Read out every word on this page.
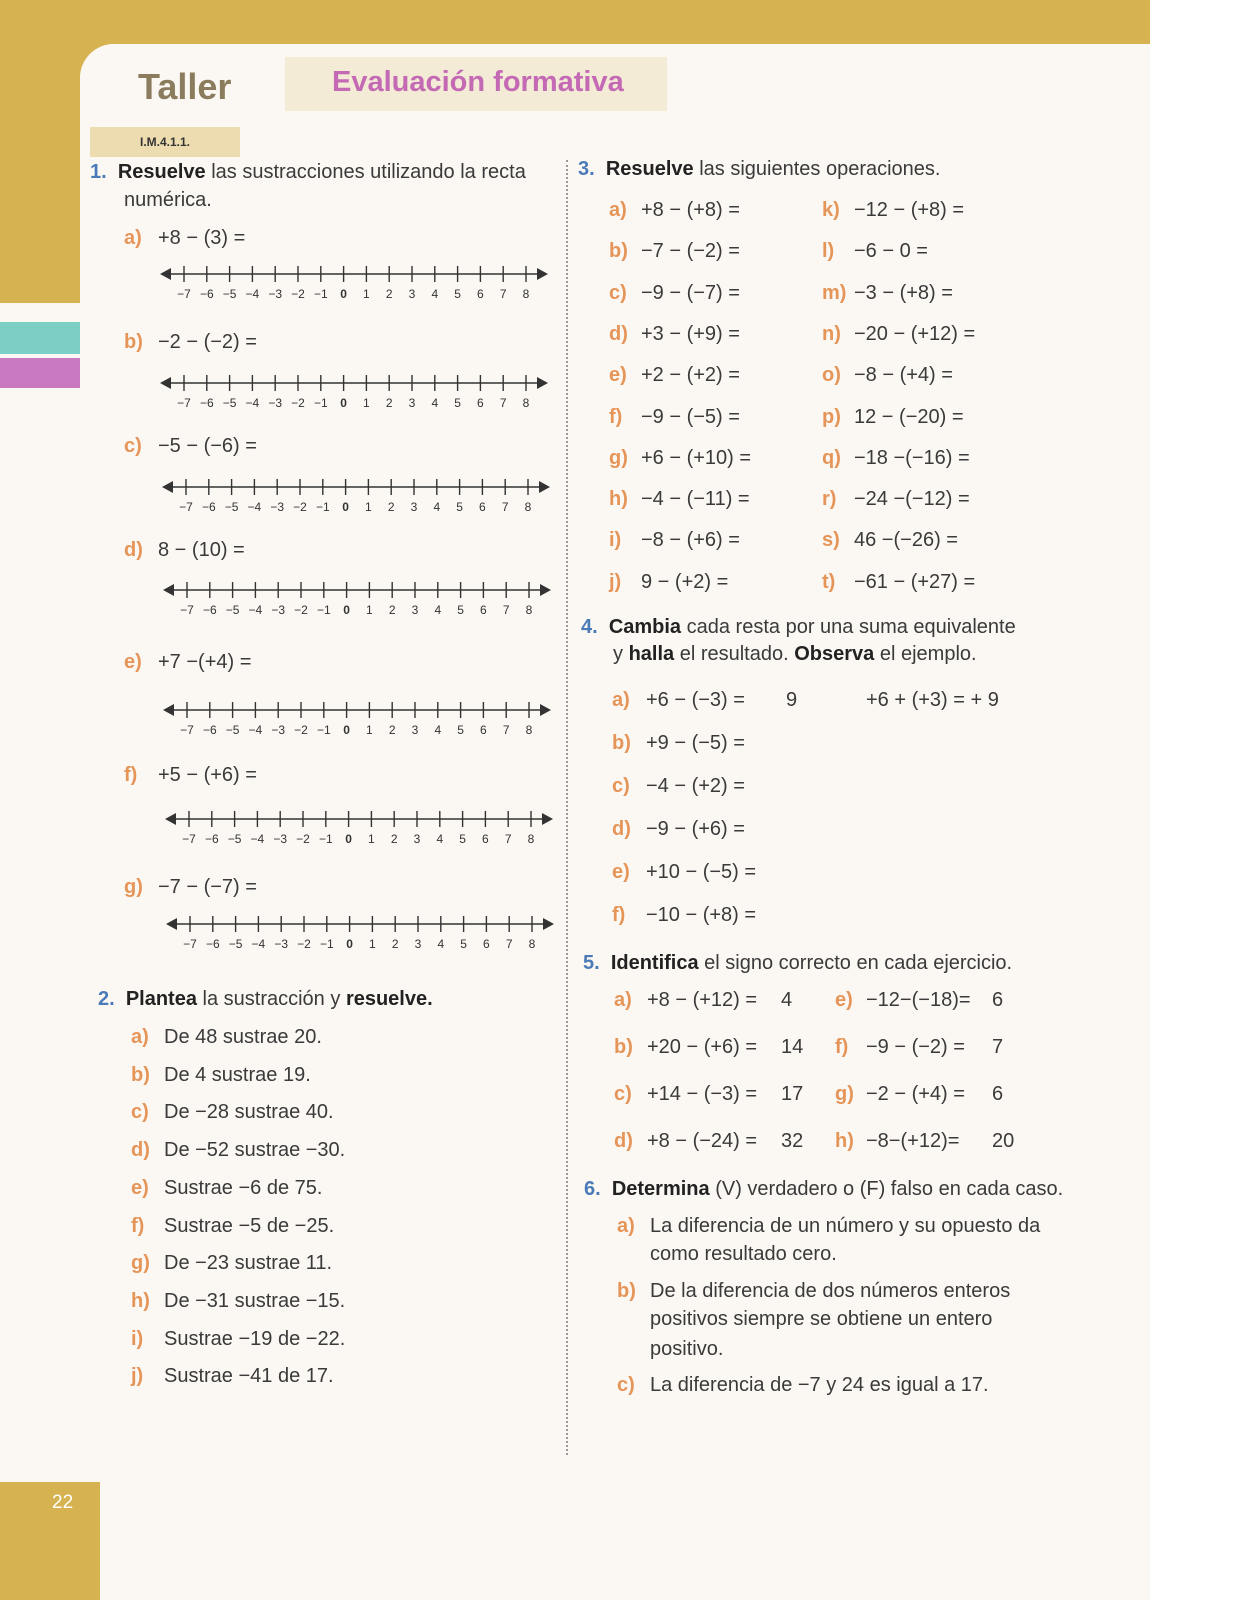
Taller	Evaluación formativa
I.M.4.1.1.
22
1. Resuelve las sustracciones utilizando la recta
numérica.
a) +8 − (3) =
−7 −6 −5 −4 −3 −2 −1 0 1 2 3 4 5 6 7 8
b) −2 − (−2) =
−7 −6 −5 −4 −3 −2 −1 0 1 2 3 4 5 6 7 8
c) −5 − (−6) =
−7 −6 −5 −4 −3 −2 −1 0 1 2 3 4 5 6 7 8
d) 8 − (10) =
−7 −6 −5 −4 −3 −2 −1 0 1 2 3 4 5 6 7 8
e) +7 −(+4) =
−7 −6 −5 −4 −3 −2 −1 0 1 2 3 4 5 6 7 8
f) +5 − (+6) =
−7 −6 −5 −4 −3 −2 −1 0 1 2 3 4 5 6 7 8
g) −7 − (−7) =
−7 −6 −5 −4 −3 −2 −1 0 1 2 3 4 5 6 7 8
2. Plantea la sustracción y resuelve.
a) De 48 sustrae 20.
b) De 4 sustrae 19.
c) De −28 sustrae 40.
d) De −52 sustrae −30.
e) Sustrae −6 de 75.
f) Sustrae −5 de −25.
g) De −23 sustrae 11.
h) De −31 sustrae −15.
i) Sustrae −19 de −22.
j) Sustrae −41 de 17.
3. Resuelve las siguientes operaciones.
a) +8 − (+8) =
b) −7 − (−2) =
c) −9 − (−7) =
d) +3 − (+9) =
e) +2 − (+2) =
f) −9 − (−5) =
g) +6 − (+10) =
h) −4 − (−11) =
i) −8 − (+6) =
j) 9 − (+2) =
k) −12 − (+8) =
l) −6 − 0 =
m) −3 − (+8) =
n) −20 − (+12) =
o) −8 − (+4) =
p) 12 − (−20) =
q) −18 −(−16) =
r) −24 −(−12) =
s) 46 −(−26) =
t) −61 − (+27) =
4. Cambia cada resta por una suma equivalente
y halla el resultado. Observa el ejemplo.
9	+6 + (+3) = + 9
a) +6 − (−3) =
b) +9 − (−5) =
c) −4 − (+2) =
d) −9 − (+6) =
e) +10 − (−5) =
f) −10 − (+8) =
5. Identifica el signo correcto en cada ejercicio.
a) +8 − (+12) = 4
b) +20 − (+6) = 14
c) +14 − (−3) = 17
d) +8 − (−24) = 32
e) −12−(−18)= 6
f) −9 − (−2) = 7
g) −2 − (+4) = 6
h) −8−(+12)= 20
6. Determina (V) verdadero o (F) falso en cada caso.
a) La diferencia de un número y su opuesto da
como resultado cero.
b) De la diferencia de dos números enteros
positivos siempre se obtiene un entero
positivo.
c) La diferencia de −7 y 24 es igual a 17.
